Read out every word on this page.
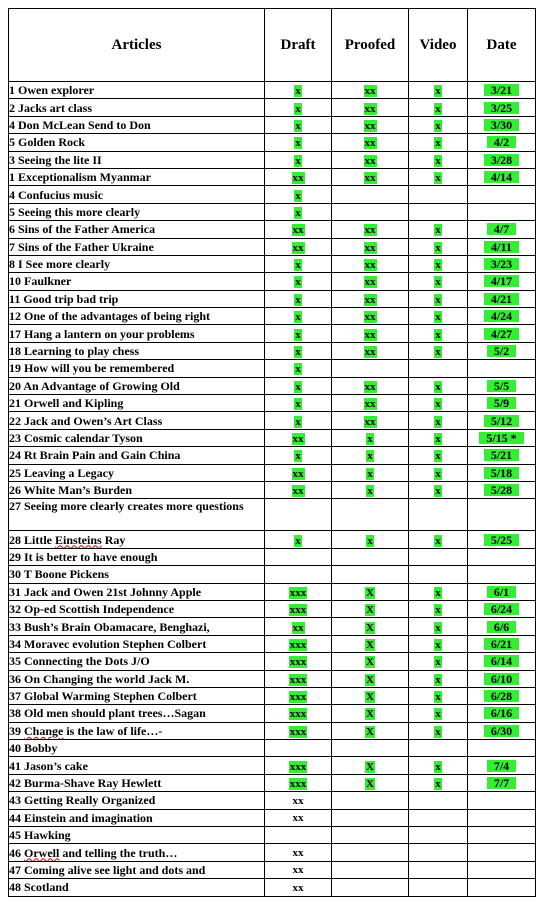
Articles	Draft	Proofed	Video	Date
1 Owen explorer	x	xx	x	3/21
2 Jacks art class	x	xx	x	3/25
4 Don McLean Send to Don	x	xx	x	3/30
5 Golden Rock	x	xx	x	4/2
3 Seeing the lite II	x	xx	x	3/28
1 Exceptionalism Myanmar	xx	xx	x	4/14
4 Confucius music	x			
5 Seeing this more clearly	x			
6 Sins of the Father America	xx	xx	x	4/7
7 Sins of the Father Ukraine	xx	xx	x	4/11
8 I See more clearly	x	xx	x	3/23
10 Faulkner	x	xx	x	4/17
11 Good trip bad trip	x	xx	x	4/21
12 One of the advantages of being right	x	xx	x	4/24
17 Hang a lantern on your problems	x	xx	x	4/27
18 Learning to play chess	x	xx	x	5/2
19 How will you be remembered	x			
20 An Advantage of Growing Old	x	xx	x	5/5
21 Orwell and Kipling	x	xx	x	5/9
22 Jack and Owen’s Art Class	x	xx	x	5/12
23 Cosmic calendar Tyson	xx	x	x	5/15 *
24 Rt Brain Pain and Gain China	x	x	x	5/21
25 Leaving a Legacy	xx	x	x	5/18
26 White Man’s Burden	xx	x	x	5/28
27 Seeing more clearly creates more questions				
28 Little Einsteins Ray	x	x	x	5/25
29 It is better to have enough				
30 T Boone Pickens				
31 Jack and Owen 21st Johnny Apple	xxx	X	x	6/1
32 Op-ed Scottish Independence	xxx	X	x	6/24
33 Bush’s Brain Obamacare, Benghazi,	xx	X	x	6/6
34 Moravec evolution Stephen Colbert	xxx	X	x	6/21
35 Connecting the Dots J/O	xxx	X	x	6/14
36 On Changing the world Jack M.	xxx	X	x	6/10
37 Global Warming Stephen Colbert	xxx	X	x	6/28
38 Old men should plant trees…Sagan	xxx	X	x	6/16
39 Change is the law of life…-	xxx	X	x	6/30
40 Bobby				
41 Jason’s cake	xxx	X	x	7/4
42 Burma-Shave Ray Hewlett	xxx	X	x	7/7
43 Getting Really Organized	xx			
44 Einstein and imagination	xx			
45 Hawking				
46 Orwell and telling the truth…	xx			
47 Coming alive see light and dots and	xx			
48 Scotland	xx			
